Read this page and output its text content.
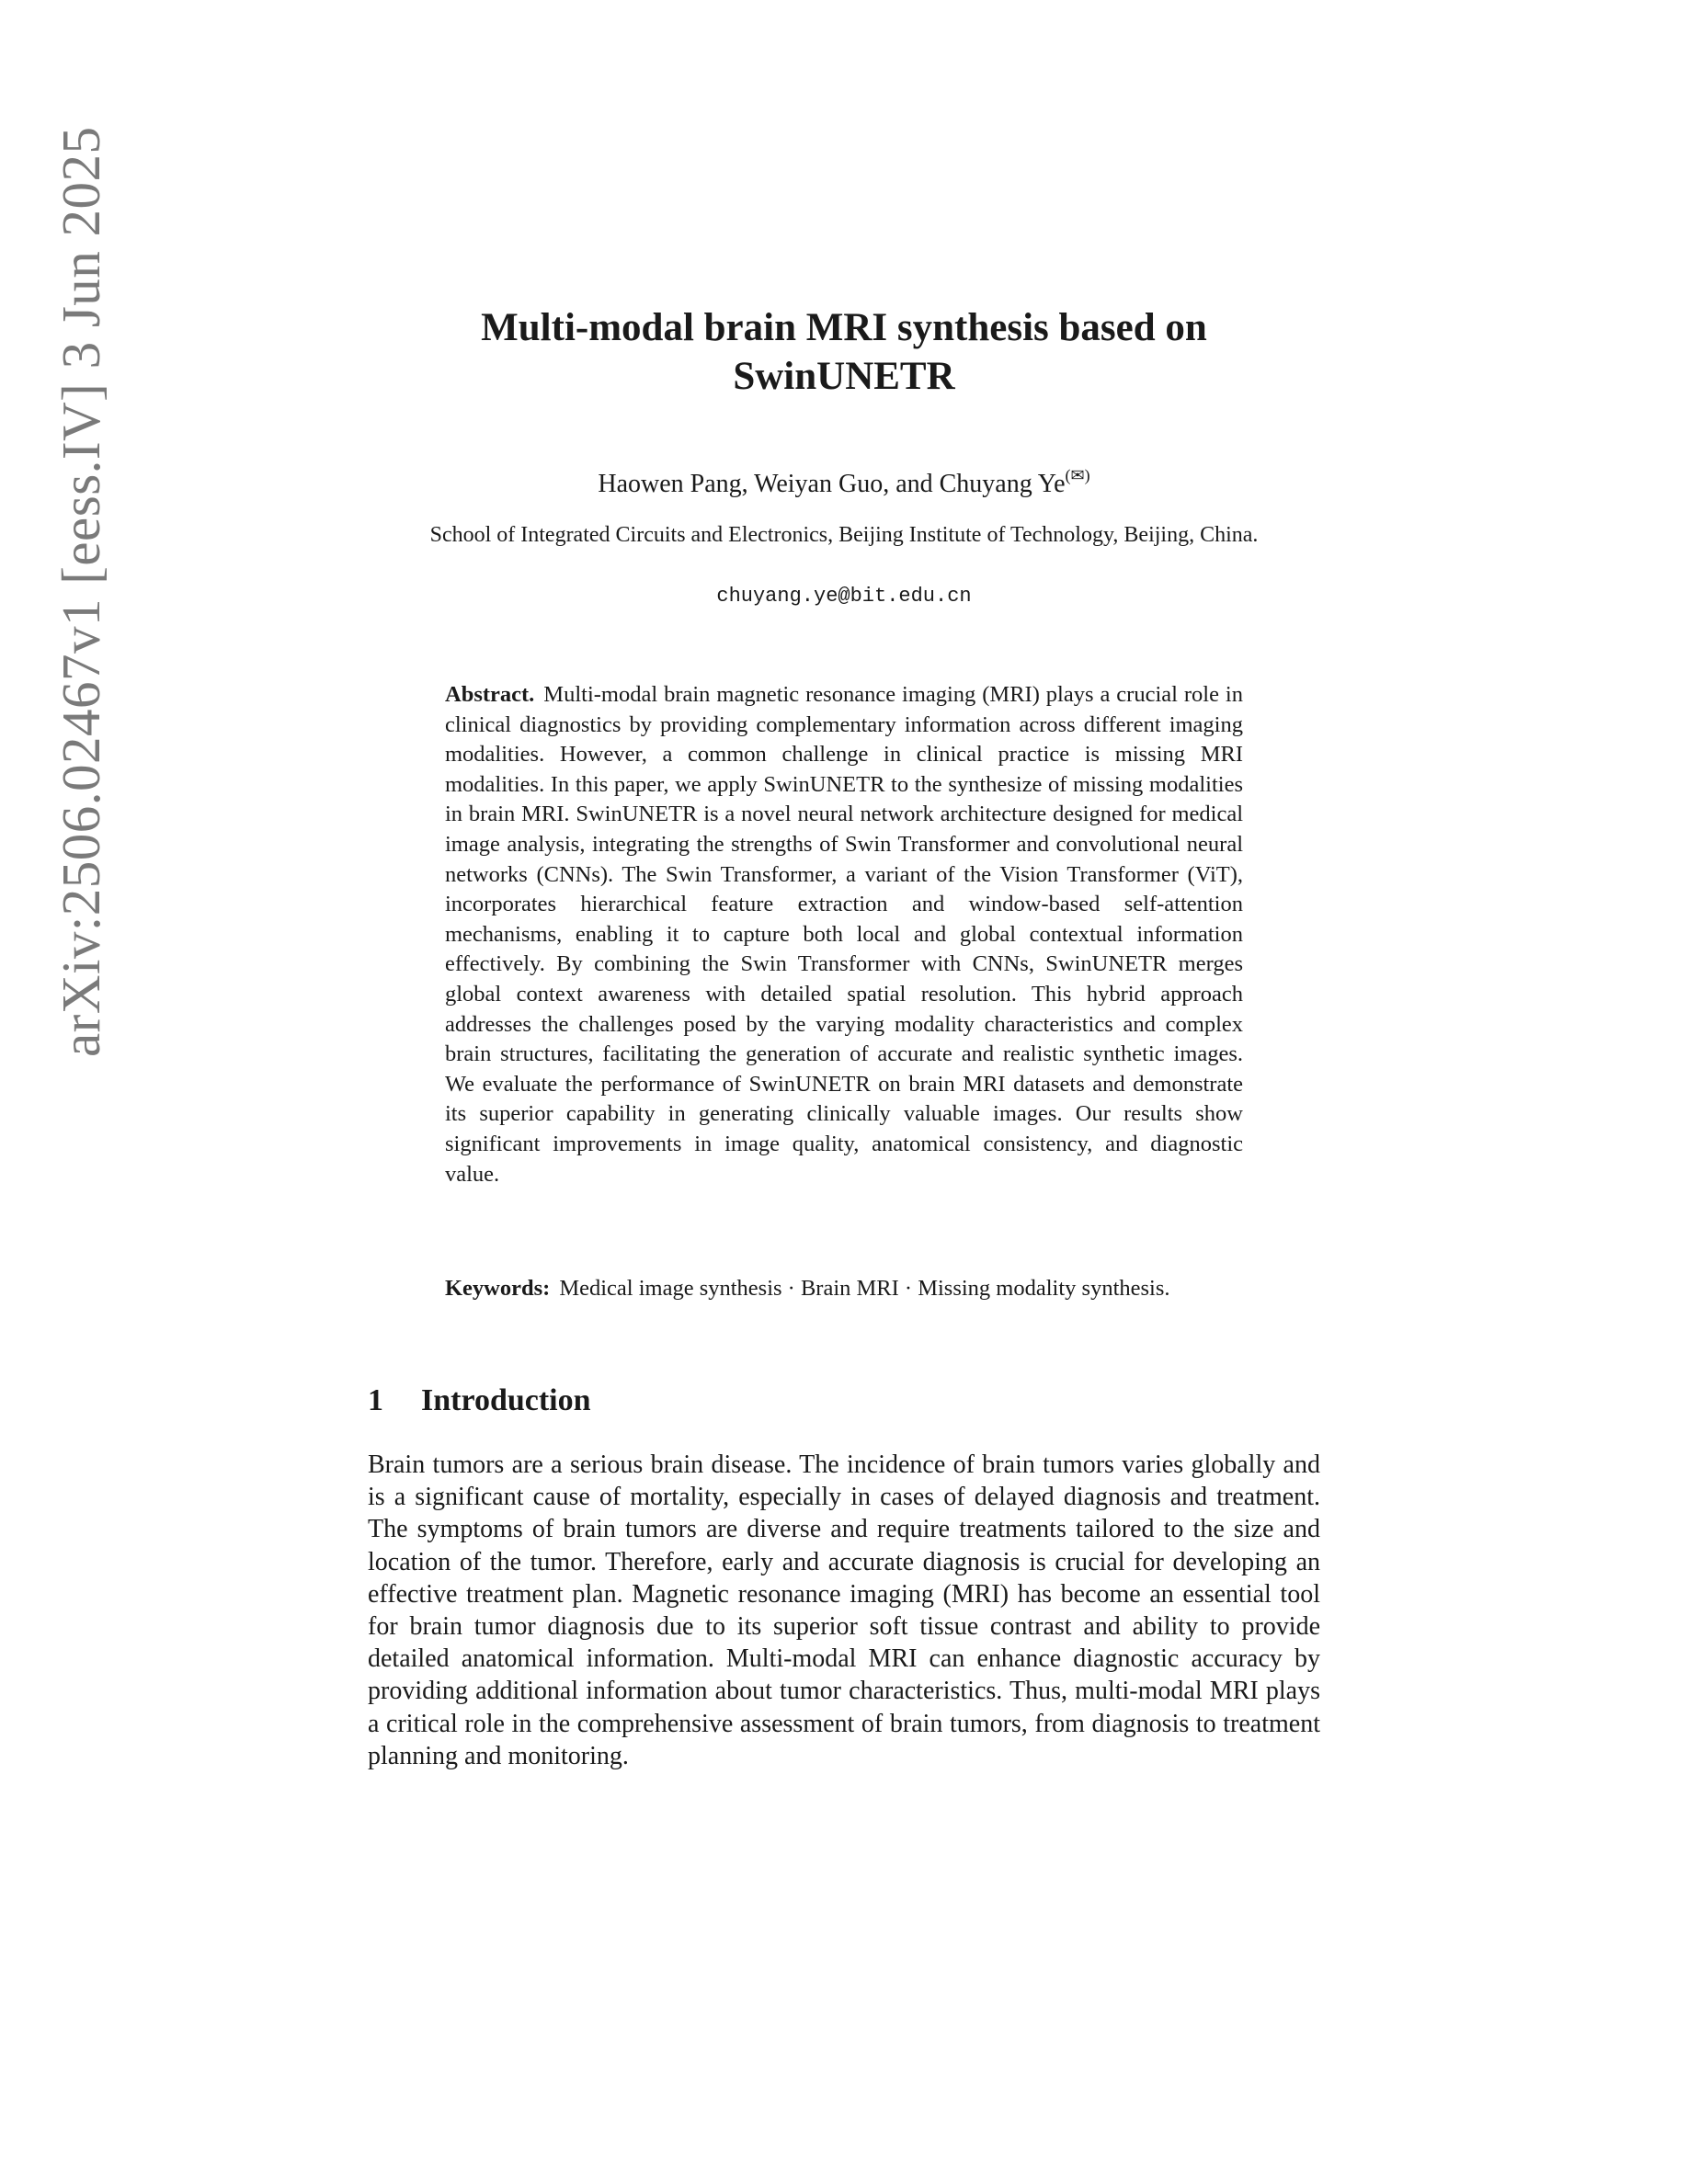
arXiv:2506.02467v1 [eess.IV] 3 Jun 2025	Multi-modal brain MRI synthesis based on
SwinUNETR
Haowen Pang, Weiyan Guo, and Chuyang Ye(✉)
School of Integrated Circuits and Electronics, Beijing Institute of Technology, Beijing, China.
chuyang.ye@bit.edu.cn
Abstract. Multi-modal brain magnetic resonance imaging (MRI) plays a crucial role in clinical diagnostics by providing complementary information across different imaging modalities. However, a common challenge in clinical practice is missing MRI modalities. In this paper, we apply SwinUNETR to the synthesize of missing modalities in brain MRI. SwinUNETR is a novel neural network architecture designed for medical image analysis, integrating the strengths of Swin Transformer and convolutional neural networks (CNNs). The Swin Transformer, a variant of the Vision Transformer (ViT), incorporates hierarchical feature extraction and window-based self-attention mechanisms, enabling it to capture both local and global contextual information effectively. By combining the Swin Transformer with CNNs, SwinUNETR merges global context awareness with detailed spatial resolution. This hybrid approach addresses the challenges posed by the varying modality characteristics and complex brain structures, facilitating the generation of accurate and realistic synthetic images. We evaluate the performance of SwinUNETR on brain MRI datasets and demonstrate its superior capability in generating clinically valuable images. Our results show significant improvements in image quality, anatomical consistency, and diagnostic value.
Keywords: Medical image synthesis · Brain MRI · Missing modality synthesis.
1 Introduction

Brain tumors are a serious brain disease. The incidence of brain tumors varies globally and is a significant cause of mortality, especially in cases of delayed diagnosis and treatment. The symptoms of brain tumors are diverse and require treatments tailored to the size and location of the tumor. Therefore, early and accurate diagnosis is crucial for developing an effective treatment plan. Magnetic resonance imaging (MRI) has become an essential tool for brain tumor diagnosis due to its superior soft tissue contrast and ability to provide detailed anatomical information. Multi-modal MRI can enhance diagnostic accuracy by providing additional information about tumor characteristics. Thus, multi-modal MRI plays a critical role in the comprehensive assessment of brain tumors, from diagnosis to treatment planning and monitoring.
